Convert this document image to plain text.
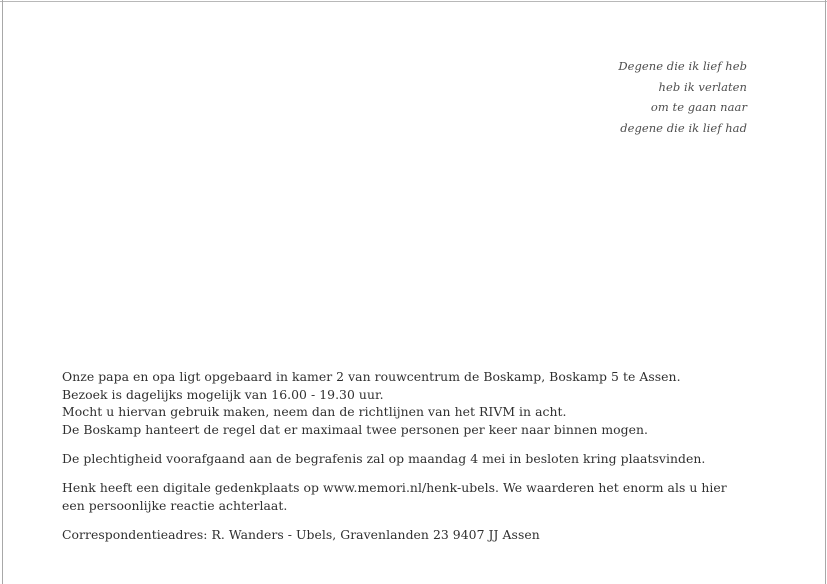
Degene die ik lief heb
heb ik verlaten
om te gaan naar
degene die ik lief had

Onze papa en opa ligt opgebaard in kamer 2 van rouwcentrum de Boskamp, Boskamp 5 te Assen.
Bezoek is dagelijks mogelijk van 16.00 - 19.30 uur.
Mocht u hiervan gebruik maken, neem dan de richtlijnen van het RIVM in acht.
De Boskamp hanteert de regel dat er maximaal twee personen per keer naar binnen mogen.

De plechtigheid voorafgaand aan de begrafenis zal op maandag 4 mei in besloten kring plaatsvinden.

Henk heeft een digitale gedenkplaats op www.memori.nl/henk-ubels. We waarderen het enorm als u hier
een persoonlijke reactie achterlaat.

Correspondentieadres: R. Wanders - Ubels, Gravenlanden 23 9407 JJ Assen
